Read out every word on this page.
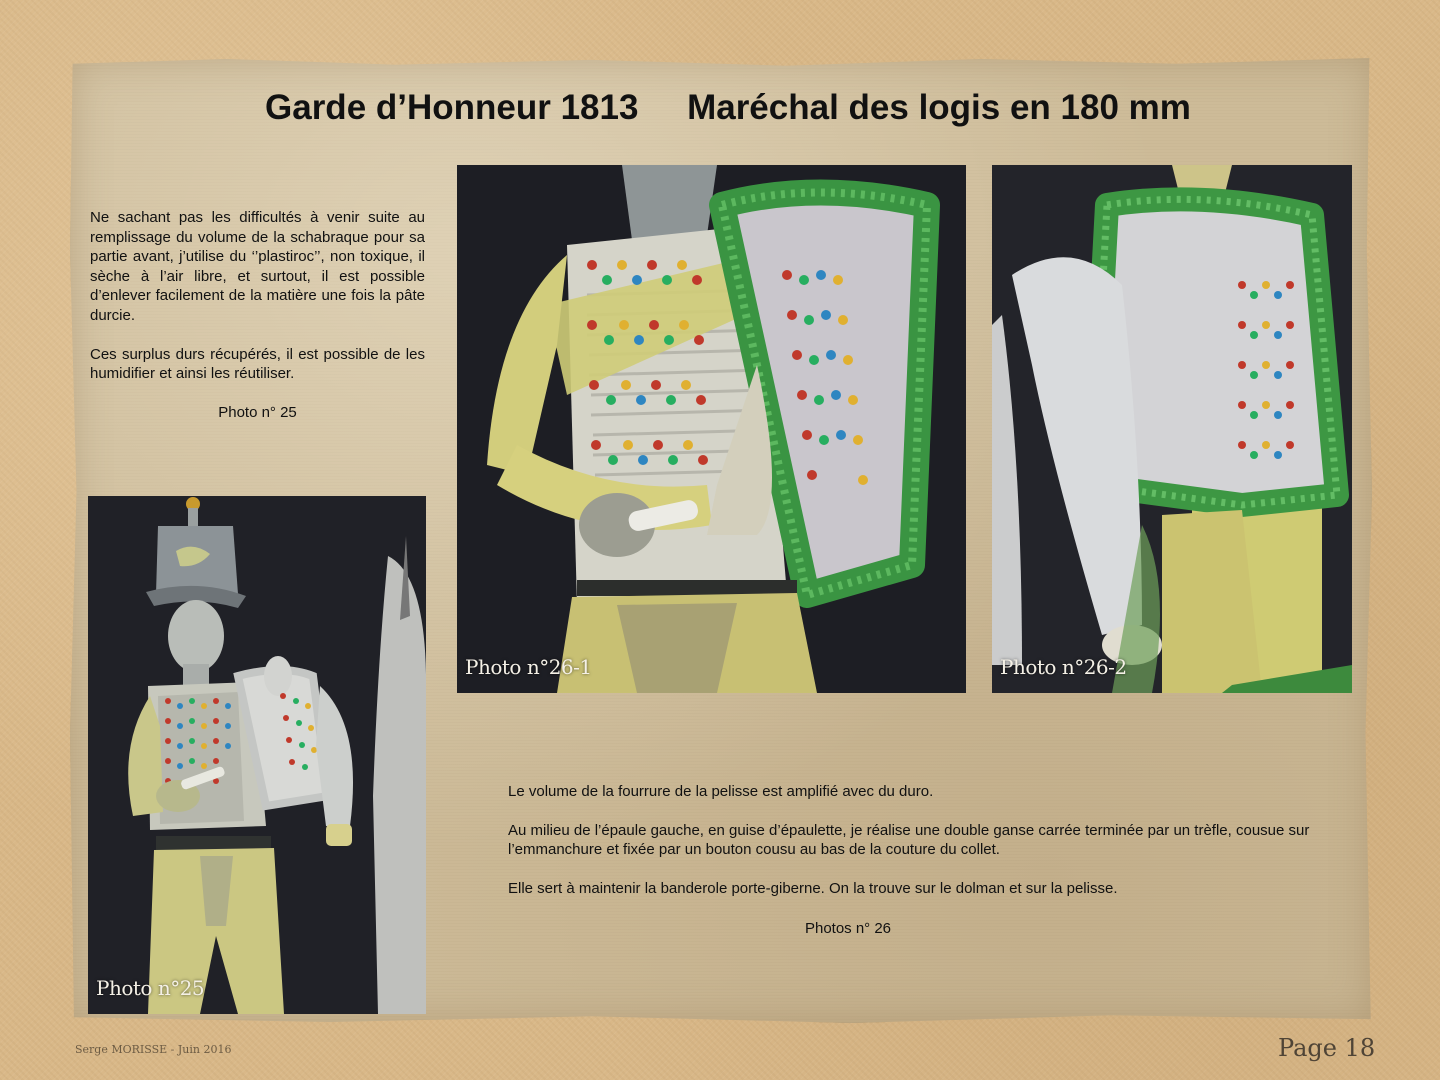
Garde d’Honneur 1813     Maréchal des logis en 180 mm

Ne sachant pas les difficultés à venir suite au remplissage du volume de la schabraque pour sa partie avant, j’utilise du ‘’plastiroc’’, non toxique, il sèche à l’air libre, et surtout, il est possible d’enlever facilement de la matière une fois la pâte durcie.

Ces surplus durs récupérés, il est possible de les humidifier et ainsi les réutiliser.

Photo n° 25
Photo n°25
Photo n°26-1	Photo n°26-2

Le volume de la fourrure de la pelisse est amplifié avec du duro.

Au milieu de l’épaule gauche, en guise d’épaulette, je réalise une double ganse carrée terminée par un trèfle, cousue sur l’emmanchure et fixée par un bouton cousu au bas de la couture du collet.

Elle sert à maintenir la banderole porte-giberne. On la trouve sur le dolman et sur la pelisse.

Photos n° 26
Serge MORISSE - Juin 2016	Page 18
